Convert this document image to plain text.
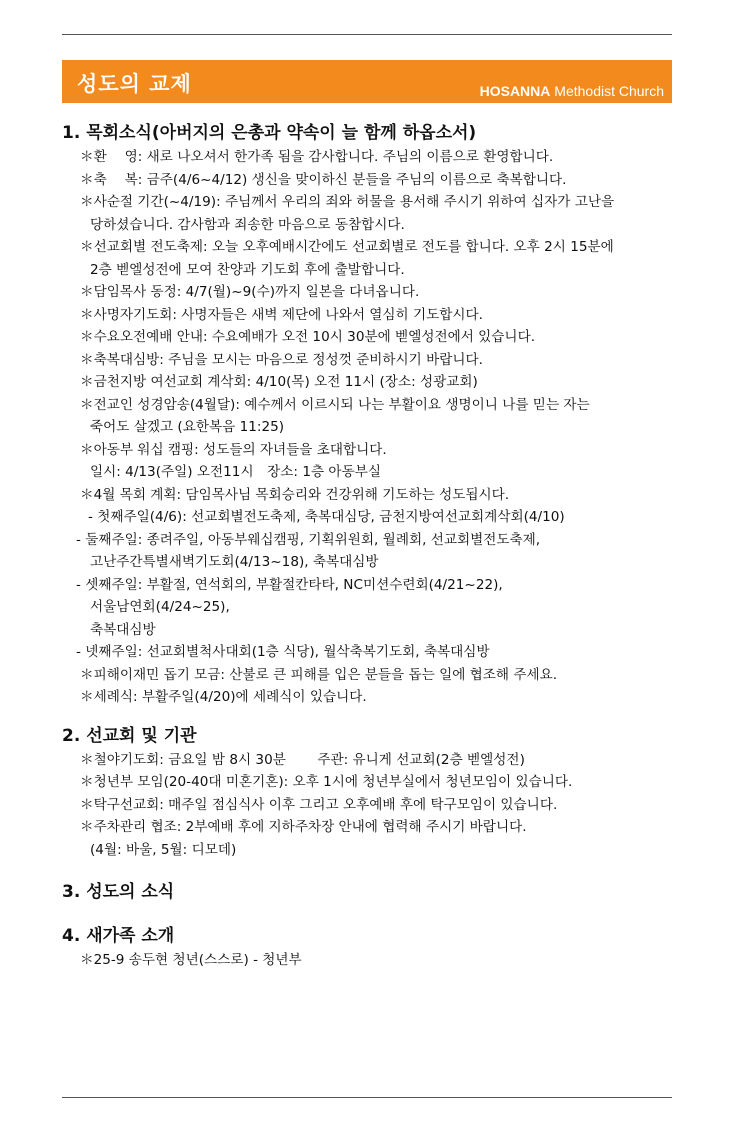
성도의 교제	HOSANNA Methodist Church

1. 목회소식(아버지의 은총과 약속이 늘 함께 하옵소서)

＊환 　영: 새로 나오셔서 한가족 됨을 감사합니다. 주님의 이름으로 환영합니다.

＊축 　복: 금주(4/6~4/12) 생신을 맞이하신 분들을 주님의 이름으로 축복합니다.

＊사순절 기간(~4/19): 주님께서 우리의 죄와 허물을 용서해 주시기 위하여 십자가 고난을

당하셨습니다. 감사함과 죄송한 마음으로 동참합시다.

＊선교회별 전도축제: 오늘 오후예배시간에도 선교회별로 전도를 합니다. 오후 2시 15분에

2층 벧엘성전에 모여 찬양과 기도회 후에 출발합니다.

＊담임목사 동정: 4/7(월)~9(수)까지 일본을 다녀옵니다.

＊사명자기도회: 사명자들은 새벽 제단에 나와서 열심히 기도합시다.

＊수요오전예배 안내: 수요예배가 오전 10시 30분에 벧엘성전에서 있습니다.

＊축복대심방: 주님을 모시는 마음으로 정성껏 준비하시기 바랍니다.

＊금천지방 여선교회 계삭회: 4/10(목) 오전 11시 (장소: 성광교회)

＊전교인 성경암송(4월달): 예수께서 이르시되 나는 부활이요 생명이니 나를 믿는 자는

죽어도 살겠고 (요한복음 11:25)

＊아동부 워십 캠핑: 성도들의 자녀들을 초대합니다.

일시: 4/13(주일) 오전11시　장소: 1층 아동부실

＊4월 목회 계획: 담임목사님 목회승리와 건강위해 기도하는 성도됩시다.

- 첫째주일(4/6): 선교회별전도축제, 축복대심당, 금천지방여선교회계삭회(4/10)

- 둘째주일: 종려주일, 아동부웨십캠핑, 기획위원회, 월례회, 선교회별전도축제,

고난주간특별새벽기도회(4/13~18), 축복대심방

- 셋째주일: 부활절, 연석회의, 부활절칸타타, NC미션수련회(4/21~22),

서울남연회(4/24~25),

축복대심방

- 넷째주일: 선교회별척사대회(1층 식당), 월삭축복기도회, 축복대심방

＊피해이재민 돕기 모금: 산불로 큰 피해를 입은 분들을 돕는 일에 협조해 주세요.

＊세례식: 부활주일(4/20)에 세례식이 있습니다.

2. 선교회 및 기관

＊철야기도회: 금요일 밤 8시 30분 　　주관: 유니게 선교회(2층 벧엘성전)

＊청년부 모임(20-40대 미혼기혼): 오후 1시에 청년부실에서 청년모임이 있습니다.

＊탁구선교회: 매주일 점심식사 이후 그리고 오후예배 후에 탁구모임이 있습니다.

＊주차관리 협조: 2부예배 후에 지하주차장 안내에 협력해 주시기 바랍니다.

(4월: 바울, 5월: 디모데)

3. 성도의 소식

4. 새가족 소개

＊25-9 송두현 청년(스스로) - 청년부
